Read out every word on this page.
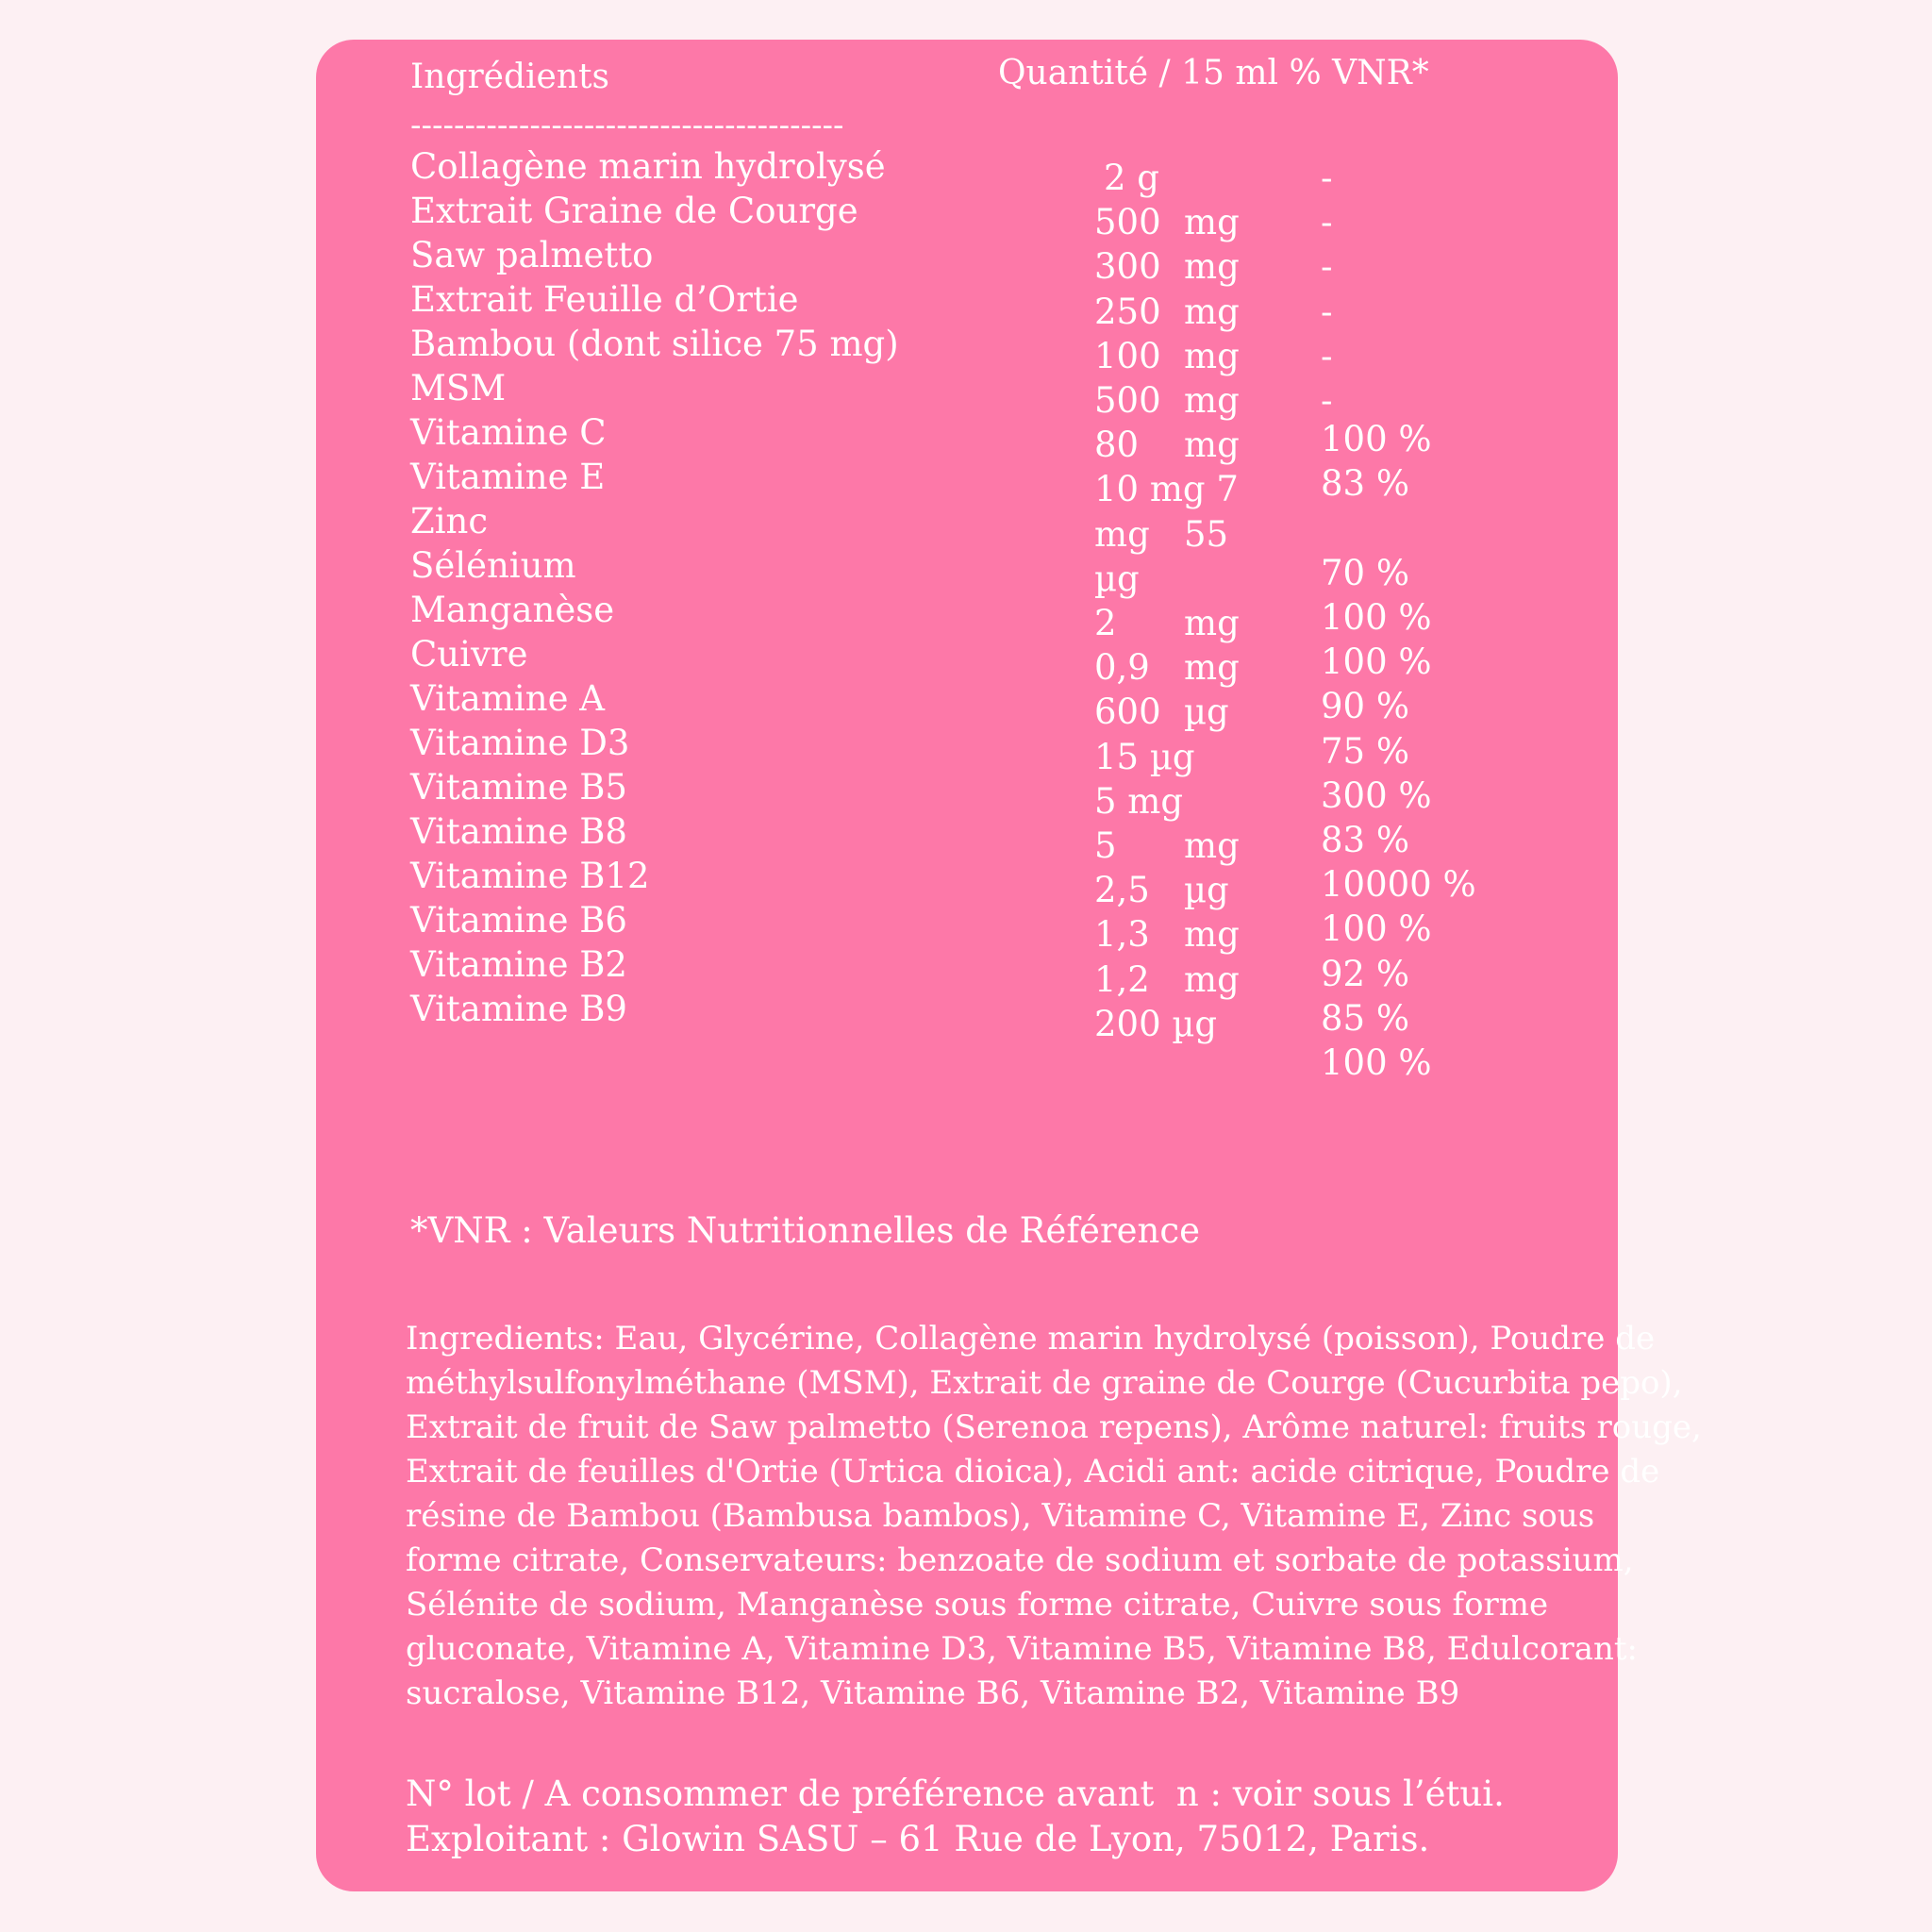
Ingrédients	Quantité / 15 ml % VNR*
----------------------------------------
Collagène marin hydrolysé
Extrait Graine de Courge
Saw palmetto
Extrait Feuille d’Ortie
Bambou (dont silice 75 mg)
MSM
Vitamine C
Vitamine E
Zinc
Sélénium
Manganèse
Cuivre
Vitamine A
Vitamine D3
Vitamine B5
Vitamine B8
Vitamine B12
Vitamine B6
Vitamine B2
Vitamine B9
2 g
500 mg
300 mg
250 mg
100 mg
500 mg
80 mg
10 mg 7
mg 55
µg
2 mg
0,9 mg
600 µg
15 µg
5 mg
5 mg
2,5 µg
1,3 mg
1,2 mg
200 µg
-
-
-
-
-
-
100 %
83 %
70 %
100 %
100 %
90 %
75 %
300 %
83 %
10000 %
100 %
92 %
85 %
100 %
*VNR : Valeurs Nutritionnelles de Référence

Ingredients: Eau, Glycérine, Collagène marin hydrolysé (poisson), Poudre de

méthylsulfonylméthane (MSM), Extrait de graine de Courge (Cucurbita pepo),

Extrait de fruit de Saw palmetto (Serenoa repens), Arôme naturel: fruits rouge,

Extrait de feuilles d'Ortie (Urtica dioica), Acidi ant: acide citrique, Poudre de

résine de Bambou (Bambusa bambos), Vitamine C, Vitamine E, Zinc sous

forme citrate, Conservateurs: benzoate de sodium et sorbate de potassium,

Sélénite de sodium, Manganèse sous forme citrate, Cuivre sous forme

gluconate, Vitamine A, Vitamine D3, Vitamine B5, Vitamine B8, Edulcorant:

sucralose, Vitamine B12, Vitamine B6, Vitamine B2, Vitamine B9

N° lot / A consommer de préférence avant  n : voir sous l’étui.

Exploitant : Glowin SASU – 61 Rue de Lyon, 75012, Paris.
